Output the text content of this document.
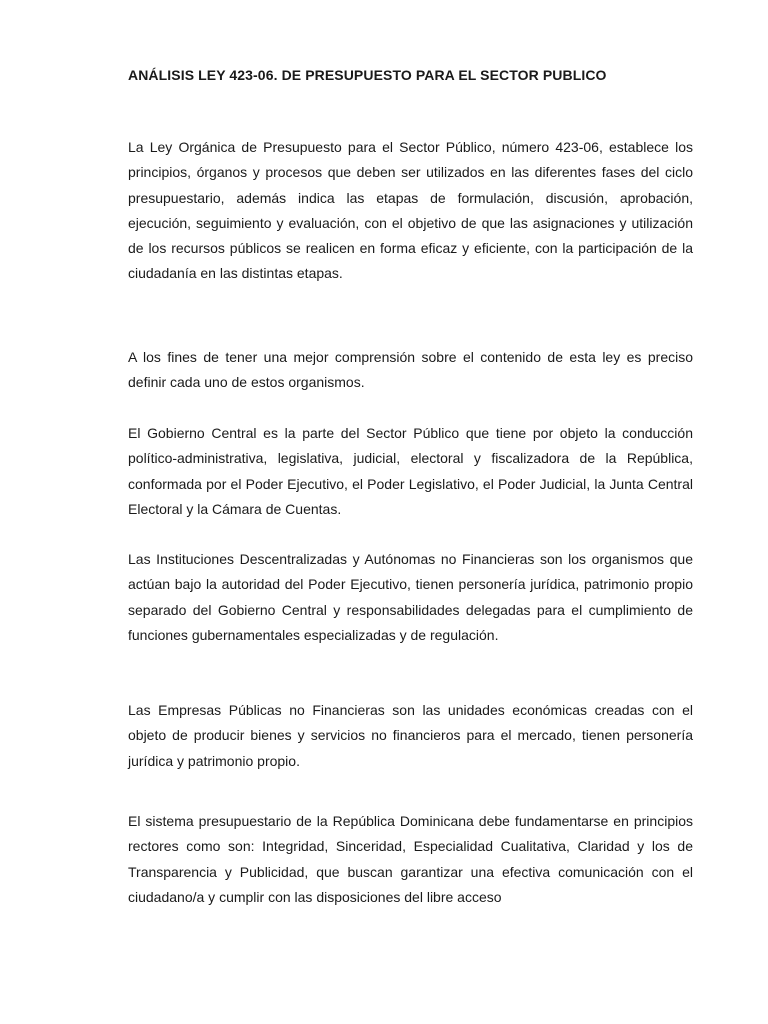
ANÁLISIS LEY 423-06. DE PRESUPUESTO PARA EL SECTOR PUBLICO

La Ley Orgánica de Presupuesto para el Sector Público, número 423-06, establece los principios, órganos y procesos que deben ser utilizados en las diferentes fases del ciclo presupuestario, además indica las etapas de formulación, discusión, aprobación, ejecución, seguimiento y evaluación, con el objetivo de que las asignaciones y utilización de los recursos públicos se realicen en forma eficaz y eficiente, con la participación de la ciudadanía en las distintas etapas.

A los fines de tener una mejor comprensión sobre el contenido de esta ley es preciso definir cada uno de estos organismos.

El Gobierno Central es la parte del Sector Público que tiene por objeto la conducción político-administrativa, legislativa, judicial, electoral y fiscalizadora de la República, conformada por el Poder Ejecutivo, el Poder Legislativo, el Poder Judicial, la Junta Central Electoral y la Cámara de Cuentas.

Las Instituciones Descentralizadas y Autónomas no Financieras son los organismos que actúan bajo la autoridad del Poder Ejecutivo, tienen personería jurídica, patrimonio propio separado del Gobierno Central y responsabilidades delegadas para el cumplimiento de funciones gubernamentales especializadas y de regulación.

Las Empresas Públicas no Financieras son las unidades económicas creadas con el objeto de producir bienes y servicios no financieros para el mercado, tienen personería jurídica y patrimonio propio.

El sistema presupuestario de la República Dominicana debe fundamentarse en principios rectores como son: Integridad, Sinceridad, Especialidad Cualitativa, Claridad y los de Transparencia y Publicidad, que buscan garantizar una efectiva comunicación con el ciudadano/a y cumplir con las disposiciones del libre acceso
